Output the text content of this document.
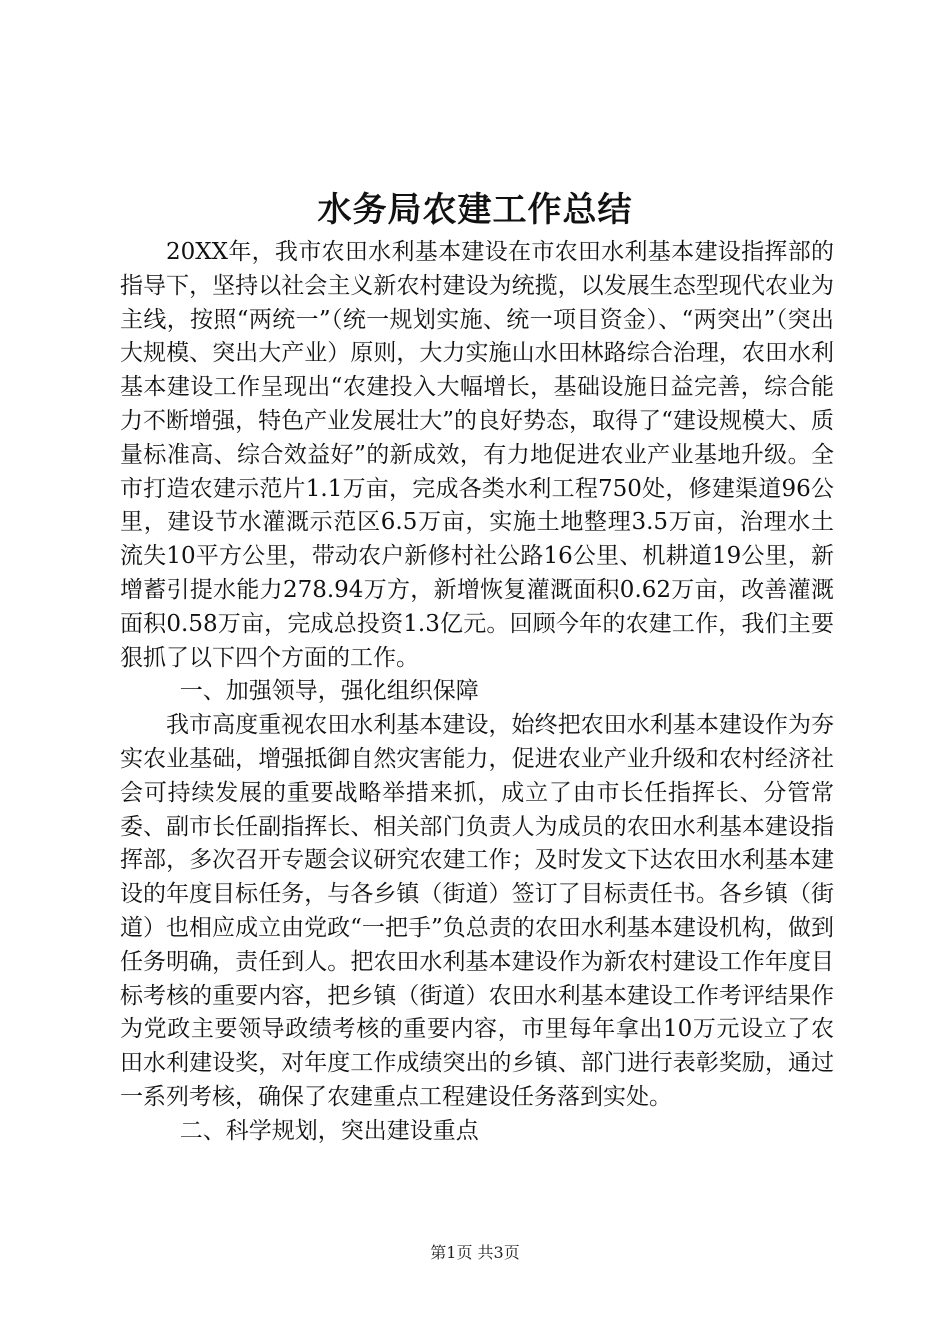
水务局农建工作总结

20XX年，我市农田水利基本建设在市农田水利基本建设指挥部的指导下，坚持以社会主义新农村建设为统揽，以发展生态型现代农业为主线，按照“两统一”（统一规划实施、统一项目资金）、“两突出”（突出大规模、突出大产业）原则，大力实施山水田林路综合治理，农田水利基本建设工作呈现出“农建投入大幅增长，基础设施日益完善，综合能力不断增强，特色产业发展壮大”的良好势态，取得了“建设规模大、质量标准高、综合效益好”的新成效，有力地促进农业产业基地升级。全市打造农建示范片1.1万亩，完成各类水利工程750处，修建渠道96公里，建设节水灌溉示范区6.5万亩，实施土地整理3.5万亩，治理水土流失10平方公里，带动农户新修村社公路16公里、机耕道19公里，新增蓄引提水能力278.94万方，新增恢复灌溉面积0.62万亩，改善灌溉面积0.58万亩，完成总投资1.3亿元。回顾今年的农建工作，我们主要狠抓了以下四个方面的工作。

一、加强领导，强化组织保障

我市高度重视农田水利基本建设，始终把农田水利基本建设作为夯实农业基础，增强抵御自然灾害能力，促进农业产业升级和农村经济社会可持续发展的重要战略举措来抓，成立了由市长任指挥长、分管常委、副市长任副指挥长、相关部门负责人为成员的农田水利基本建设指挥部，多次召开专题会议研究农建工作；及时发文下达农田水利基本建设的年度目标任务，与各乡镇（街道）签订了目标责任书。各乡镇（街道）也相应成立由党政“一把手”负总责的农田水利基本建设机构，做到任务明确，责任到人。把农田水利基本建设作为新农村建设工作年度目标考核的重要内容，把乡镇（街道）农田水利基本建设工作考评结果作为党政主要领导政绩考核的重要内容，市里每年拿出10万元设立了农田水利建设奖，对年度工作成绩突出的乡镇、部门进行表彰奖励，通过一系列考核，确保了农建重点工程建设任务落到实处。

二、科学规划，突出建设重点

第1页 共3页
